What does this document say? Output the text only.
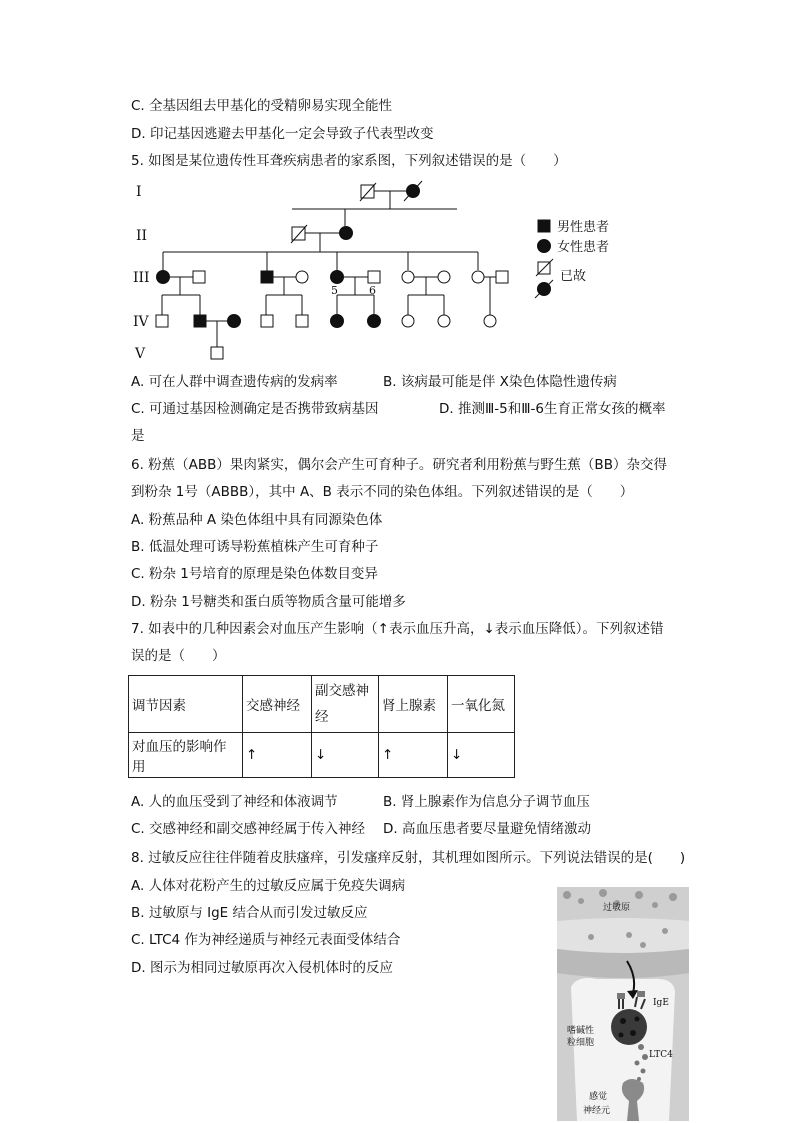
C. 全基因组去甲基化的受精卵易实现全能性
D. 印记基因逃避去甲基化一定会导致子代表型改变
5. 如图是某位遗传性耳聋疾病患者的家系图，下列叙述错误的是（　　）
I
II
III
IV
V
5	6
男性患者
女性患者
已故
A. 可在人群中调查遗传病的发病率	B. 该病最可能是伴 X染色体隐性遗传病
C. 可通过基因检测确定是否携带致病基因	D. 推测Ⅲ-5和Ⅲ-6生育正常女孩的概率
是
6. 粉蕉（ABB）果肉紧实，偶尔会产生可育种子。研究者利用粉蕉与野生蕉（BB）杂交得
到粉杂 1号（ABBB），其中 A、B 表示不同的染色体组。下列叙述错误的是（　　）
A. 粉蕉品种 A 染色体组中具有同源染色体
B. 低温处理可诱导粉蕉植株产生可育种子
C. 粉杂 1号培育的原理是染色体数目变异
D. 粉杂 1号糖类和蛋白质等物质含量可能增多
7. 如表中的几种因素会对血压产生影响（↑表示血压升高，↓表示血压降低）。下列叙述错
误的是（　　）
调节因素	交感神经	副交感神
经	肾上腺素	一氧化氮
对血压的影响作用	↑	↓	↑	↓
A. 人的血压受到了神经和体液调节	B. 肾上腺素作为信息分子调节血压
C. 交感神经和副交感神经属于传入神经 D. 高血压患者要尽量避免情绪激动
8. 过敏反应往往伴随着皮肤瘙痒，引发瘙痒反射，其机理如图所示。下列说法错误的是(　　)
A. 人体对花粉产生的过敏反应属于免疫失调病
B. 过敏原与 IgE 结合从而引发过敏反应
C. LTC4 作为神经递质与神经元表面受体结合
D. 图示为相同过敏原再次入侵机体时的反应
过敏原
IgE
嗜碱性
粒细胞
LTC4
感觉
神经元
